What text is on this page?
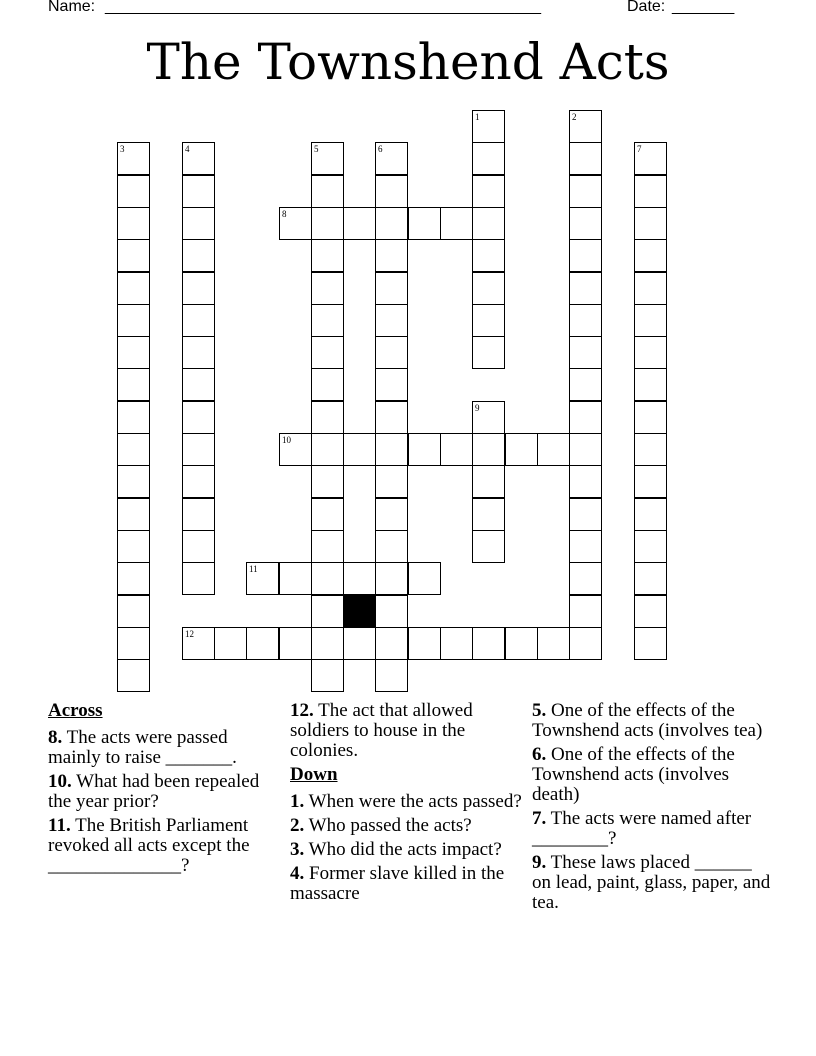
Name: _________________________________________________	Date: _______
The Townshend Acts
1	2
3	4	5	6	7
8
9
10
11
12
Across
8. The acts were passed mainly to raise _______.
10. What had been repealed the year prior?
11. The British Parliament revoked all acts except the ______________?
12. The act that allowed soldiers to house in the colonies.
Down
1. When were the acts passed?
2. Who passed the acts?
3. Who did the acts impact?
4. Former slave killed in the massacre
5. One of the effects of the Townshend acts (involves tea)
6. One of the effects of the Townshend acts (involves death)
7. The acts were named after ________?
9. These laws placed ______ on lead, paint, glass, paper, and tea.
